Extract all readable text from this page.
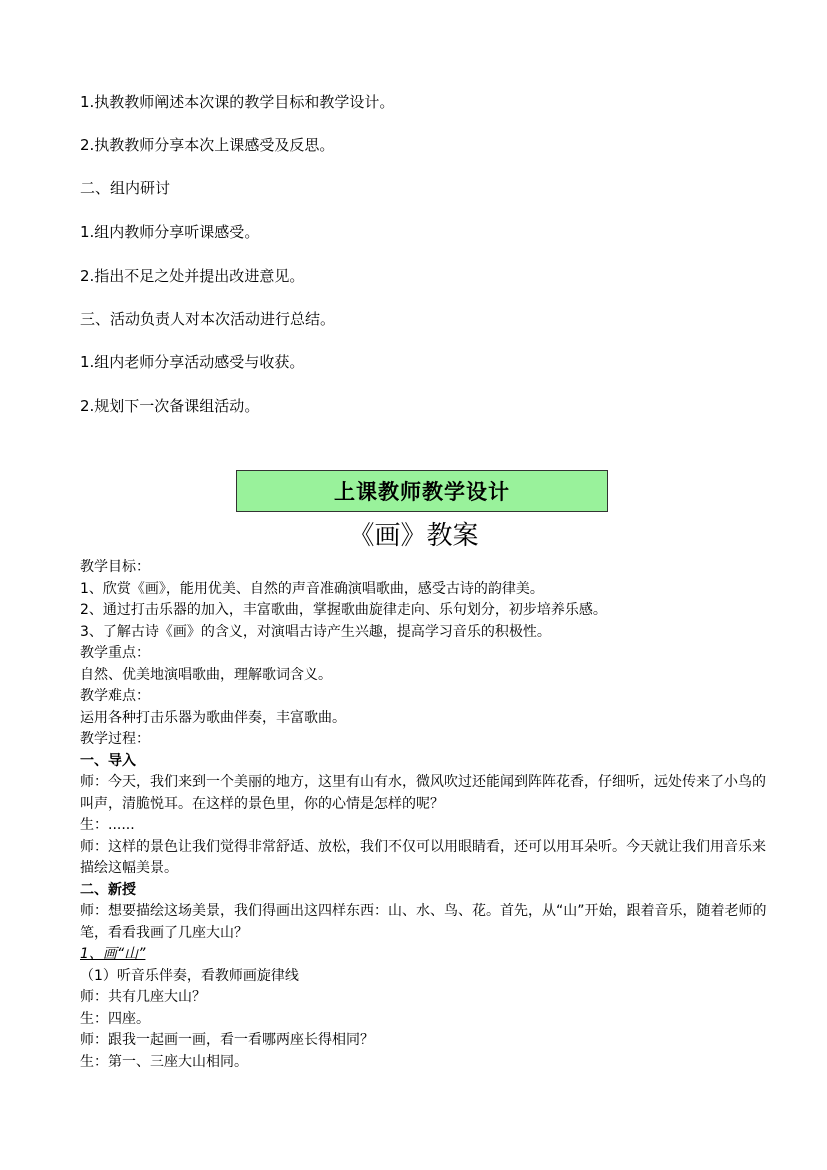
1.执教教师阐述本次课的教学目标和教学设计。
2.执教教师分享本次上课感受及反思。
二、组内研讨
1.组内教师分享听课感受。
2.指出不足之处并提出改进意见。
三、活动负责人对本次活动进行总结。
1.组内老师分享活动感受与收获。
2.规划下一次备课组活动。
上课教师教学设计
《画》教案

教学目标：

1、欣赏《画》，能用优美、自然的声音准确演唱歌曲，感受古诗的韵律美。

2、通过打击乐器的加入，丰富歌曲，掌握歌曲旋律走向、乐句划分，初步培养乐感。

3、了解古诗《画》的含义，对演唱古诗产生兴趣，提高学习音乐的积极性。

教学重点：

自然、优美地演唱歌曲，理解歌词含义。

教学难点：

运用各种打击乐器为歌曲伴奏，丰富歌曲。

教学过程：

一、导入

师：今天，我们来到一个美丽的地方，这里有山有水，微风吹过还能闻到阵阵花香，仔细听，远处传来了小鸟的叫声，清脆悦耳。在这样的景色里，你的心情是怎样的呢？

生：......

师：这样的景色让我们觉得非常舒适、放松，我们不仅可以用眼睛看，还可以用耳朵听。今天就让我们用音乐来描绘这幅美景。

二、新授

师：想要描绘这场美景，我们得画出这四样东西：山、水、鸟、花。首先，从“山”开始，跟着音乐，随着老师的笔，看看我画了几座大山？

1、画“山”

（1）听音乐伴奏，看教师画旋律线

师：共有几座大山？

生：四座。

师：跟我一起画一画，看一看哪两座长得相同？

生：第一、三座大山相同。
